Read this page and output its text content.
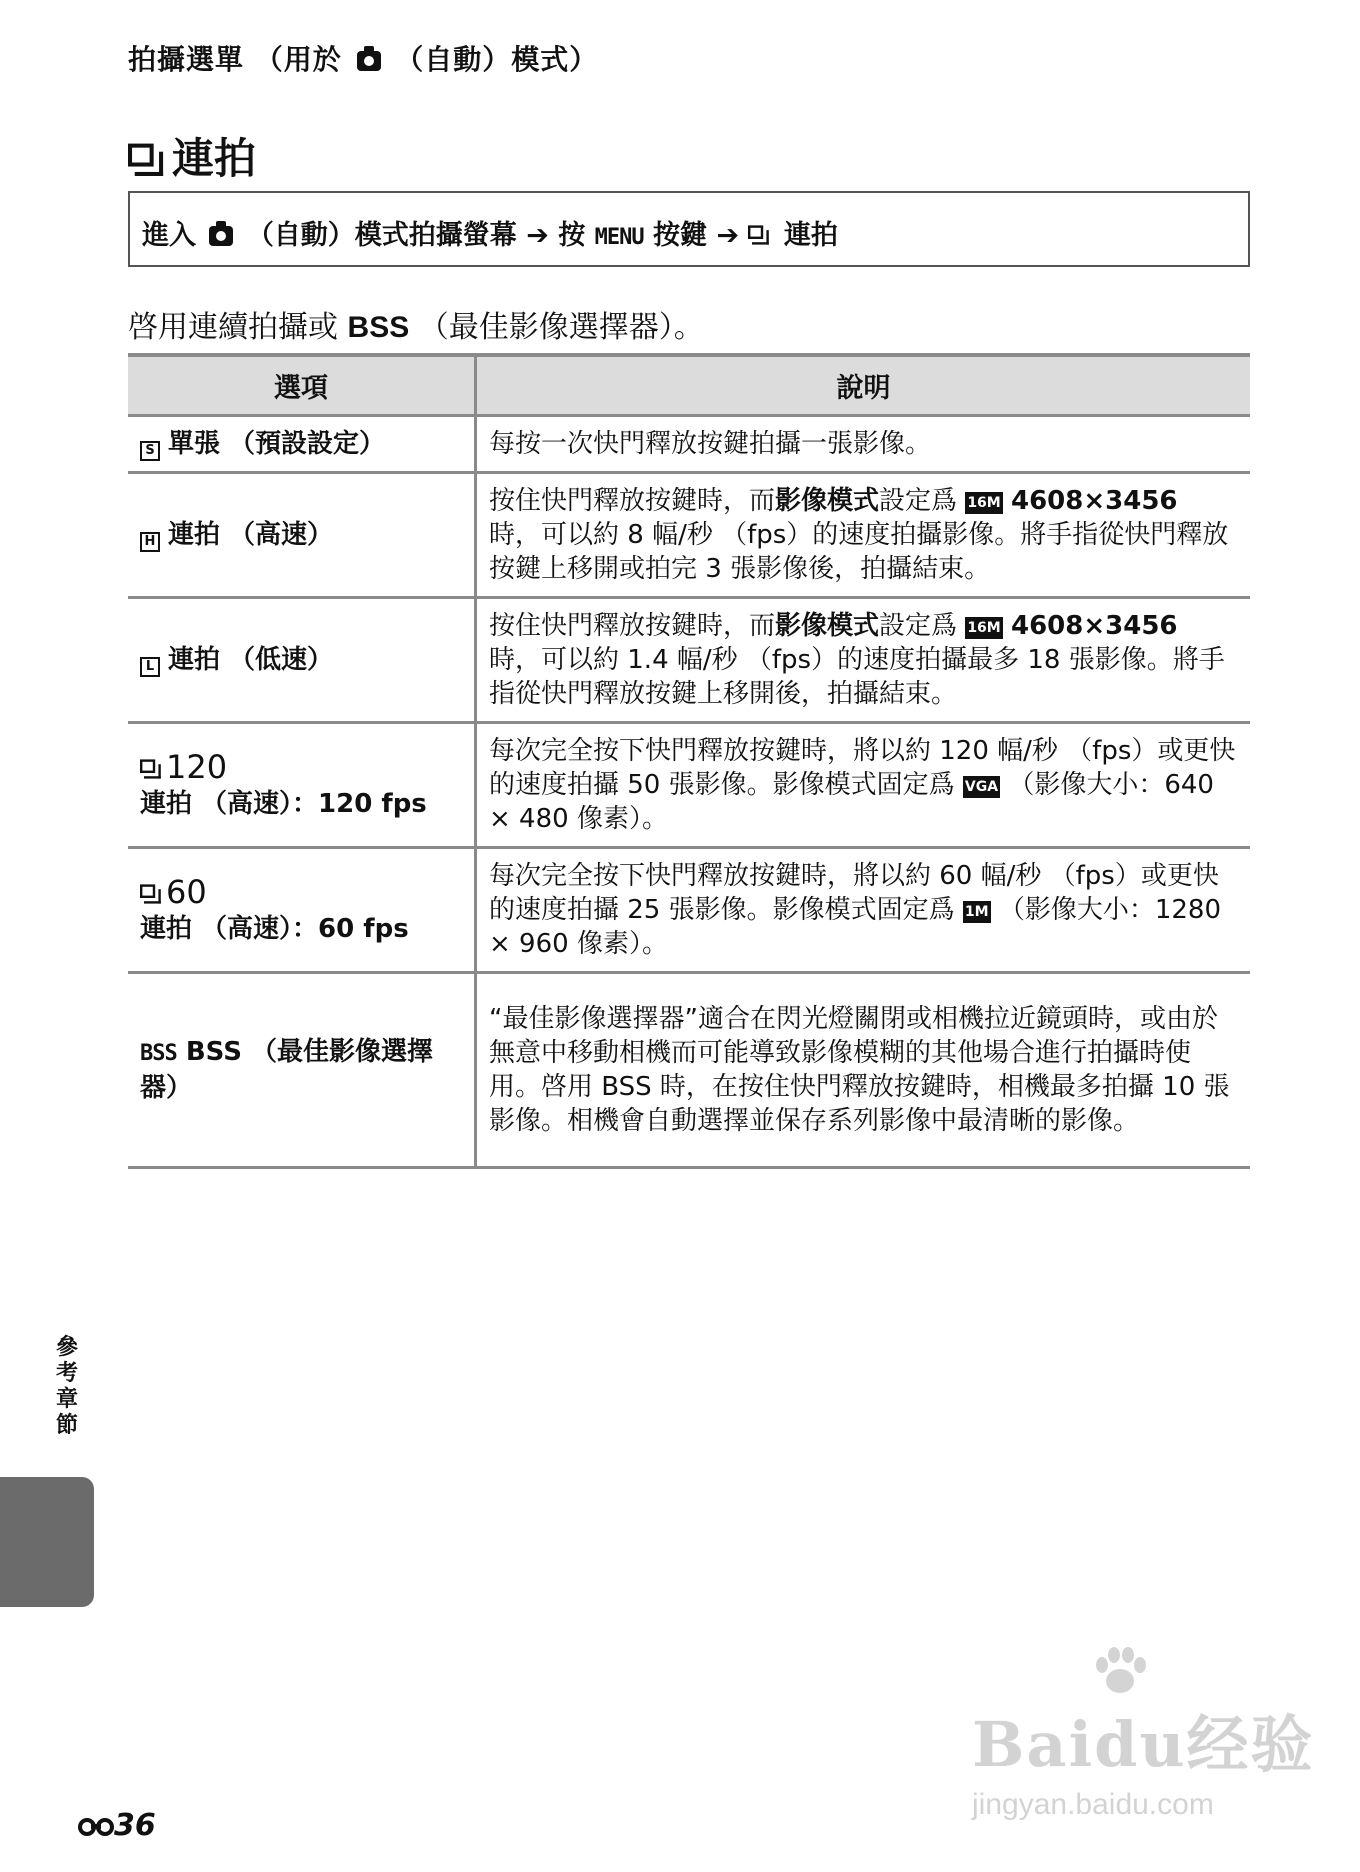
拍攝選單 （用於 （自動）模式）
連拍
進入 （自動）模式拍攝螢幕 ➔ 按 MENU 按鍵 ➔ 連拍
啓用連續拍攝或 BSS （最佳影像選擇器）。
選項	說明
S 單張 （預設設定）	每按一次快門釋放按鍵拍攝一張影像。
H 連拍 （高速）	按住快門釋放按鍵時，而影像模式設定爲 16M 4608×3456
時，可以約 8 幅/秒 （fps）的速度拍攝影像。將手指從快門釋放按鍵上移開或拍完 3 張影像後，拍攝結束。
L 連拍 （低速）	按住快門釋放按鍵時，而影像模式設定爲 16M 4608×3456
時，可以約 1.4 幅/秒 （fps）的速度拍攝最多 18 張影像。將手指從快門釋放按鍵上移開後，拍攝結束。
120
連拍 （高速）：120 fps	每次完全按下快門釋放按鍵時，將以約 120 幅/秒 （fps）或更快的速度拍攝 50 張影像。影像模式固定爲 VGA （影像大小：640 × 480 像素）。
60
連拍 （高速）：60 fps	每次完全按下快門釋放按鍵時，將以約 60 幅/秒 （fps）或更快的速度拍攝 25 張影像。影像模式固定爲 1M （影像大小：1280 × 960 像素）。
BSS BSS （最佳影像選擇器）	“最佳影像選擇器”適合在閃光燈關閉或相機拉近鏡頭時，或由於無意中移動相機而可能導致影像模糊的其他場合進行拍攝時使用。啓用 BSS 時，在按住快門釋放按鍵時，相機最多拍攝 10 張影像。相機會自動選擇並保存系列影像中最清晰的影像。
參考章節
36
Baidu经验
jingyan.baidu.com
